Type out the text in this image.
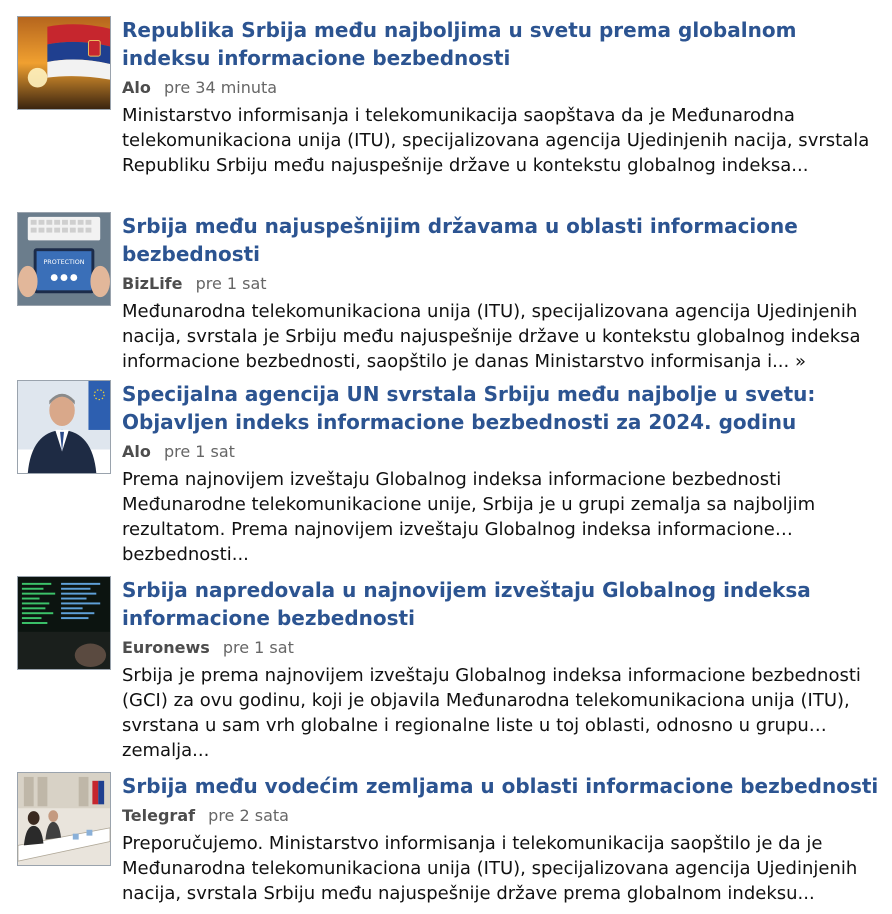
Republika Srbija među najboljima u svetu prema globalnom indeksu informacione bezbednosti
Alo pre 34 minuta
Ministarstvo informisanja i telekomunikacija saopštava da je Međunarodna telekomunikaciona unija (ITU), specijalizovana agencija Ujedinjenih nacija, svrstala Republiku Srbiju među najuspešnije države u kontekstu globalnog indeksa...
PROTECTION
Srbija među najuspešnijim državama u oblasti informacione bezbednosti
BizLife pre 1 sat
Međunarodna telekomunikaciona unija (ITU), specijalizovana agencija Ujedinjenih nacija, svrstala je Srbiju među najuspešnije države u kontekstu globalnog indeksa informacione bezbednosti, saopštilo je danas Ministarstvo informisanja i... »
Specijalna agencija UN svrstala Srbiju među najbolje u svetu: Objavljen indeks informacione bezbednosti za 2024. godinu
Alo pre 1 sat
Prema najnovijem izveštaju Globalnog indeksa informacione bezbednosti Međunarodne telekomunikacione unije, Srbija je u grupi zemalja sa najboljim rezultatom. Prema najnovijem izveštaju Globalnog indeksa informacione bezbednosti...
Srbija napredovala u najnovijem izveštaju Globalnog indeksa informacione bezbednosti
Euronews pre 1 sat
Srbija je prema najnovijem izveštaju Globalnog indeksa informacione bezbednosti (GCI) za ovu godinu, koji je objavila Međunarodna telekomunikaciona unija (ITU), svrstana u sam vrh globalne i regionalne liste u toj oblasti, odnosno u grupu zemalja...
Srbija među vodećim zemljama u oblasti informacione bezbednosti
Telegraf pre 2 sata
Preporučujemo. Ministarstvo informisanja i telekomunikacija saopštilo je da je Međunarodna telekomunikaciona unija (ITU), specijalizovana agencija Ujedinjenih nacija, svrstala Srbiju među najuspešnije države prema globalnom indeksu...
